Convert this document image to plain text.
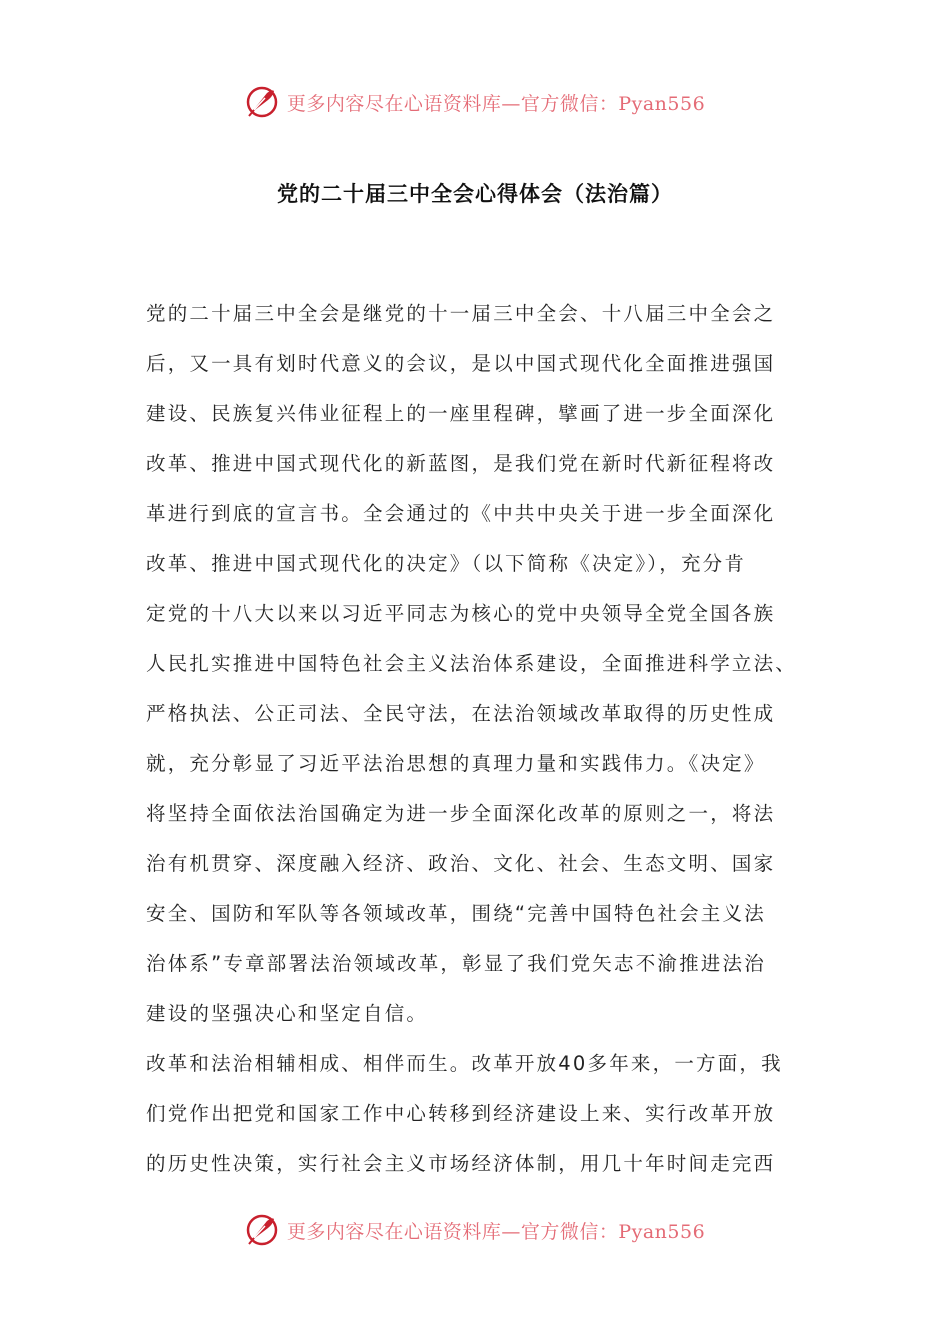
更多内容尽在心语资料库—官方微信：Pyan556
党的二十届三中全会心得体会（法治篇）
党的二十届三中全会是继党的十一届三中全会、十八届三中全会之
后，又一具有划时代意义的会议，是以中国式现代化全面推进强国
建设、民族复兴伟业征程上的一座里程碑，擘画了进一步全面深化
改革、推进中国式现代化的新蓝图，是我们党在新时代新征程将改
革进行到底的宣言书。全会通过的《中共中央关于进一步全面深化
改革、推进中国式现代化的决定》（以下简称《决定》），充分肯
定党的十八大以来以习近平同志为核心的党中央领导全党全国各族
人民扎实推进中国特色社会主义法治体系建设，全面推进科学立法、
严格执法、公正司法、全民守法，在法治领域改革取得的历史性成
就，充分彰显了习近平法治思想的真理力量和实践伟力。《决定》
将坚持全面依法治国确定为进一步全面深化改革的原则之一，将法
治有机贯穿、深度融入经济、政治、文化、社会、生态文明、国家
安全、国防和军队等各领域改革，围绕“完善中国特色社会主义法
治体系”专章部署法治领域改革，彰显了我们党矢志不渝推进法治
建设的坚强决心和坚定自信。
改革和法治相辅相成、相伴而生。改革开放40多年来，一方面，我
们党作出把党和国家工作中心转移到经济建设上来、实行改革开放
的历史性决策，实行社会主义市场经济体制，用几十年时间走完西
更多内容尽在心语资料库—官方微信：Pyan556
